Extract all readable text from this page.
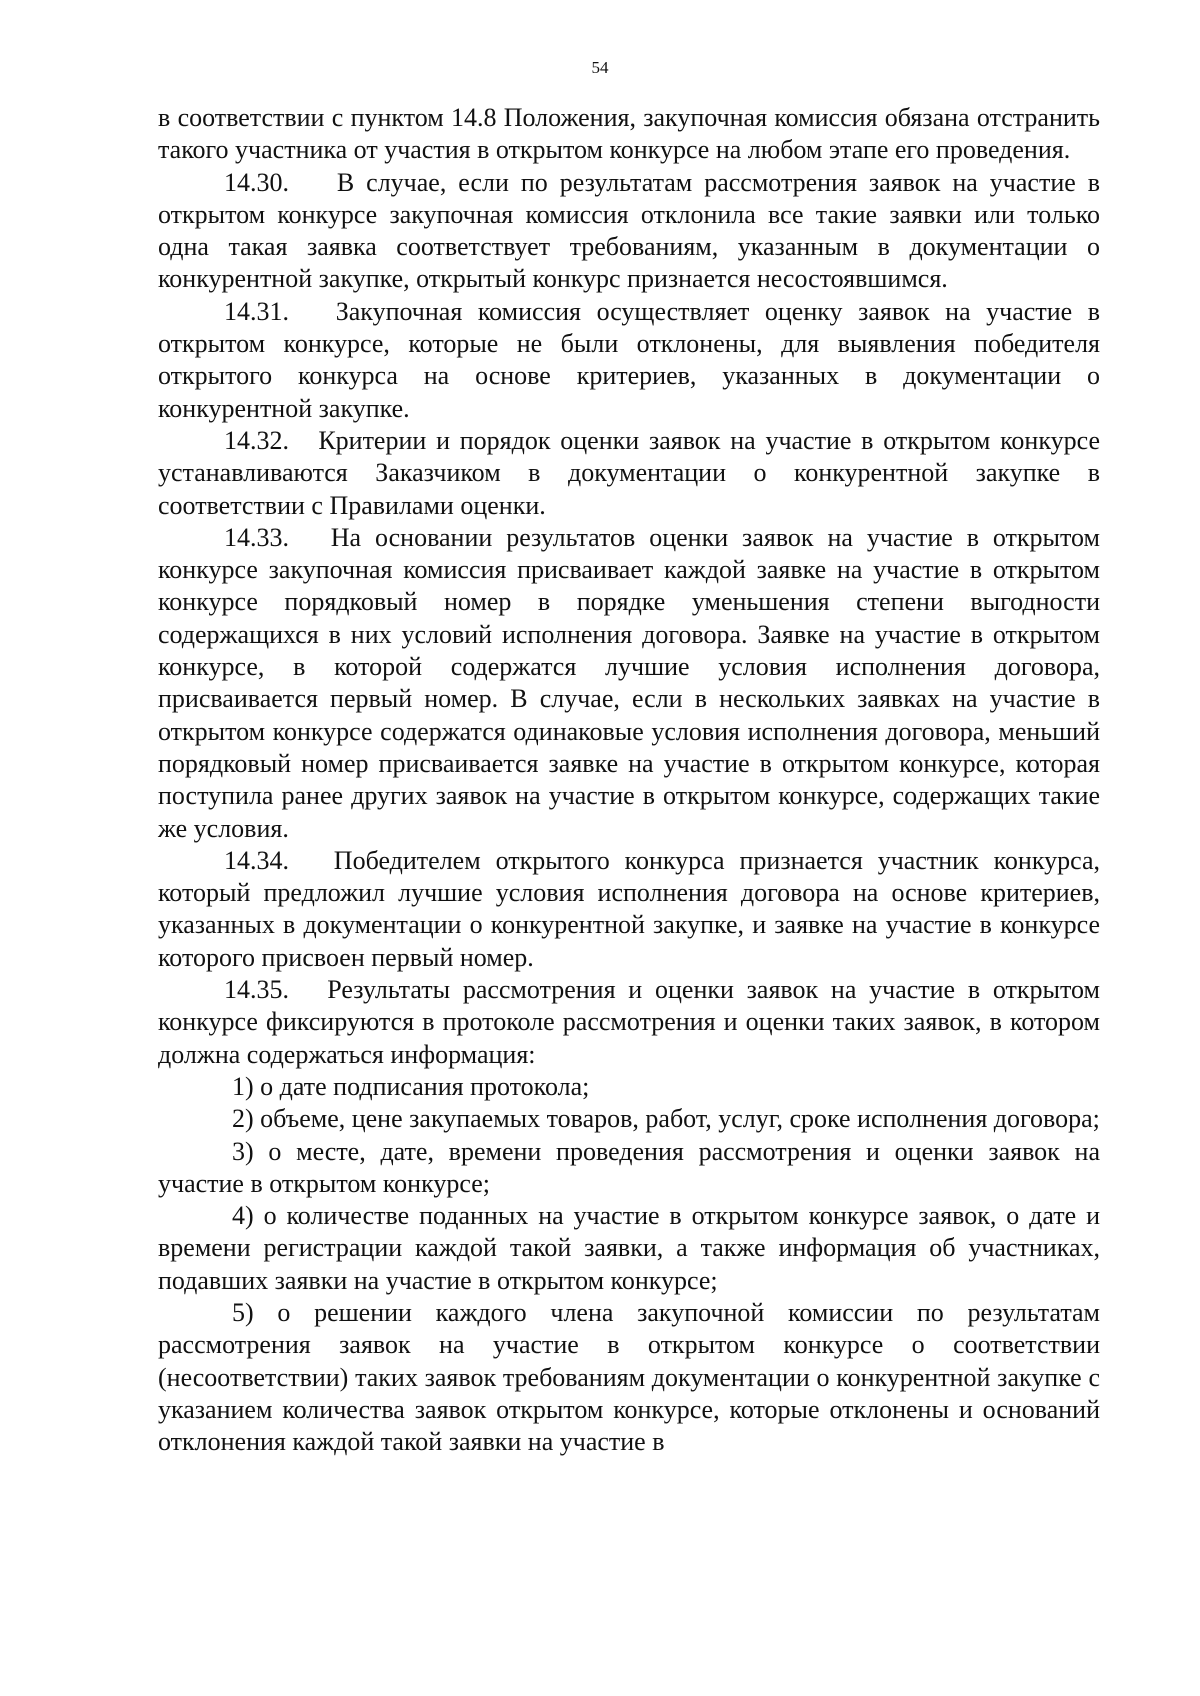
54

в соответствии с пунктом 14.8 Положения, закупочная комиссия обязана отстранить такого участника от участия в открытом конкурсе на любом этапе его проведения.

14.30. В случае, если по результатам рассмотрения заявок на участие в открытом конкурсе закупочная комиссия отклонила все такие заявки или только одна такая заявка соответствует требованиям, указанным в документации о конкурентной закупке, открытый конкурс признается несостоявшимся.

14.31. Закупочная комиссия осуществляет оценку заявок на участие в открытом конкурсе, которые не были отклонены, для выявления победителя открытого конкурса на основе критериев, указанных в документации о конкурентной закупке.

14.32. Критерии и порядок оценки заявок на участие в открытом конкурсе устанавливаются Заказчиком в документации о конкурентной закупке в соответствии с Правилами оценки.

14.33. На основании результатов оценки заявок на участие в открытом конкурсе закупочная комиссия присваивает каждой заявке на участие в открытом конкурсе порядковый номер в порядке уменьшения степени выгодности содержащихся в них условий исполнения договора. Заявке на участие в открытом конкурсе, в которой содержатся лучшие условия исполнения договора, присваивается первый номер. В случае, если в нескольких заявках на участие в открытом конкурсе содержатся одинаковые условия исполнения договора, меньший порядковый номер присваивается заявке на участие в открытом конкурсе, которая поступила ранее других заявок на участие в открытом конкурсе, содержащих такие же условия.

14.34. Победителем открытого конкурса признается участник конкурса, который предложил лучшие условия исполнения договора на основе критериев, указанных в документации о конкурентной закупке, и заявке на участие в конкурсе которого присвоен первый номер.

14.35. Результаты рассмотрения и оценки заявок на участие в открытом конкурсе фиксируются в протоколе рассмотрения и оценки таких заявок, в котором должна содержаться информация:

1) о дате подписания протокола;

2) объеме, цене закупаемых товаров, работ, услуг, сроке исполнения договора;

3) о месте, дате, времени проведения рассмотрения и оценки заявок на участие в открытом конкурсе;

4) о количестве поданных на участие в открытом конкурсе заявок, о дате и времени регистрации каждой такой заявки, а также информация об участниках, подавших заявки на участие в открытом конкурсе;

5) о решении каждого члена закупочной комиссии по результатам рассмотрения заявок на участие в открытом конкурсе о соответствии (несоответствии) таких заявок требованиям документации о конкурентной закупке с указанием количества заявок открытом конкурсе, которые отклонены и оснований отклонения каждой такой заявки на участие в
